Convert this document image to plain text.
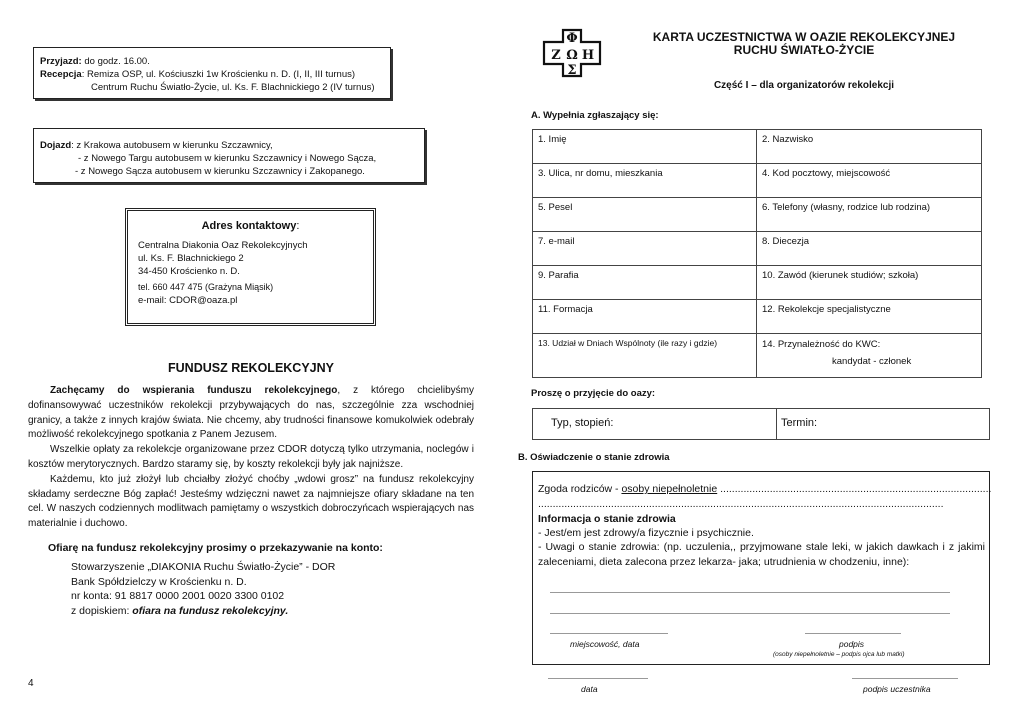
Przyjazd: do godz. 16.00.
Recepcja: Remiza OSP, ul. Kościuszki 1w Krościenku n. D. (I, II, III turnus)
Centrum Ruchu Światło-Życie, ul. Ks. F. Blachnickiego 2 (IV turnus)
Dojazd: z Krakowa autobusem w kierunku Szczawnicy,
- z Nowego Targu autobusem w kierunku Szczawnicy i Nowego Sącza,
- z Nowego Sącza autobusem w kierunku Szczawnicy i Zakopanego.
Adres kontaktowy:
Centralna Diakonia Oaz Rekolekcyjnych
ul. Ks. F. Blachnickiego 2
34-450 Krościenko n. D.
tel. 660 447 475 (Grażyna Miąsik)
e-mail: CDOR@oaza.pl
FUNDUSZ REKOLEKCYJNY

Zachęcamy do wspierania funduszu rekolekcyjnego, z którego chcielibyśmy dofinansowywać uczestników rekolekcji przybywających do nas, szczególnie zza wschodniej granicy, a także z innych krajów świata. Nie chcemy, aby trudności finansowe komukolwiek odebrały możliwość rekolekcyjnego spotkania z Panem Jezusem.

Wszelkie opłaty za rekolekcje organizowane przez CDOR dotyczą tylko utrzymania, noclegów i kosztów merytorycznych. Bardzo staramy się, by koszty rekolekcji były jak najniższe.

Każdemu, kto już złożył lub chciałby złożyć choćby „wdowi grosz” na fundusz rekolekcyjny składamy serdeczne Bóg zapłać! Jesteśmy wdzięczni nawet za najmniejsze ofiary składane na ten cel. W naszych codziennych modlitwach pamiętamy o wszystkich dobroczyńcach wspierających nas materialnie i duchowo.

Ofiarę na fundusz rekolekcyjny prosimy o przekazywanie na konto:
Stowarzyszenie „DIAKONIA Ruchu Światło-Życie” - DOR
Bank Spółdzielczy w Krościenku n. D.
nr konta: 91 8817 0000 2001 0020 3300 0102
z dopiskiem: ofiara na fundusz rekolekcyjny.
4
Φ
Ζ Ω Η
Σ
KARTA UCZESTNICTWA W OAZIE REKOLEKCYJNEJ
RUCHU ŚWIATŁO-ŻYCIE
Część I – dla organizatorów rekolekcji
A. Wypełnia zgłaszający się:
1. Imię	2. Nazwisko
3. Ulica, nr domu, mieszkania	4. Kod pocztowy, miejscowość
5. Pesel	6. Telefony (własny, rodzice lub rodzina)
7. e-mail	8. Diecezja
9. Parafia	10. Zawód (kierunek studiów; szkoła)
11. Formacja	12. Rekolekcje specjalistyczne
13. Udział w Dniach Wspólnoty (ile razy i gdzie)	14. Przynależność do KWC:
kandydat - członek
Proszę o przyjęcie do oazy:
Typ, stopień:	Termin:
B. Oświadczenie o stanie zdrowia
Zgoda rodziców - osoby niepełnoletnie .............................................................................................
...........................................................................................................................................
Informacja o stanie zdrowia
- Jest/em jest zdrowy/a fizycznie i psychicznie.

- Uwagi o stanie zdrowia: (np. uczulenia,, przyjmowane stale leki, w jakich dawkach i z jakimi zaleceniami, dieta zalecona przez lekarza- jaka; utrudnienia w chodzeniu, inne):

miejscowość, data	podpis
(osoby niepełnoletnie – podpis ojca lub matki)
data	podpis uczestnika
